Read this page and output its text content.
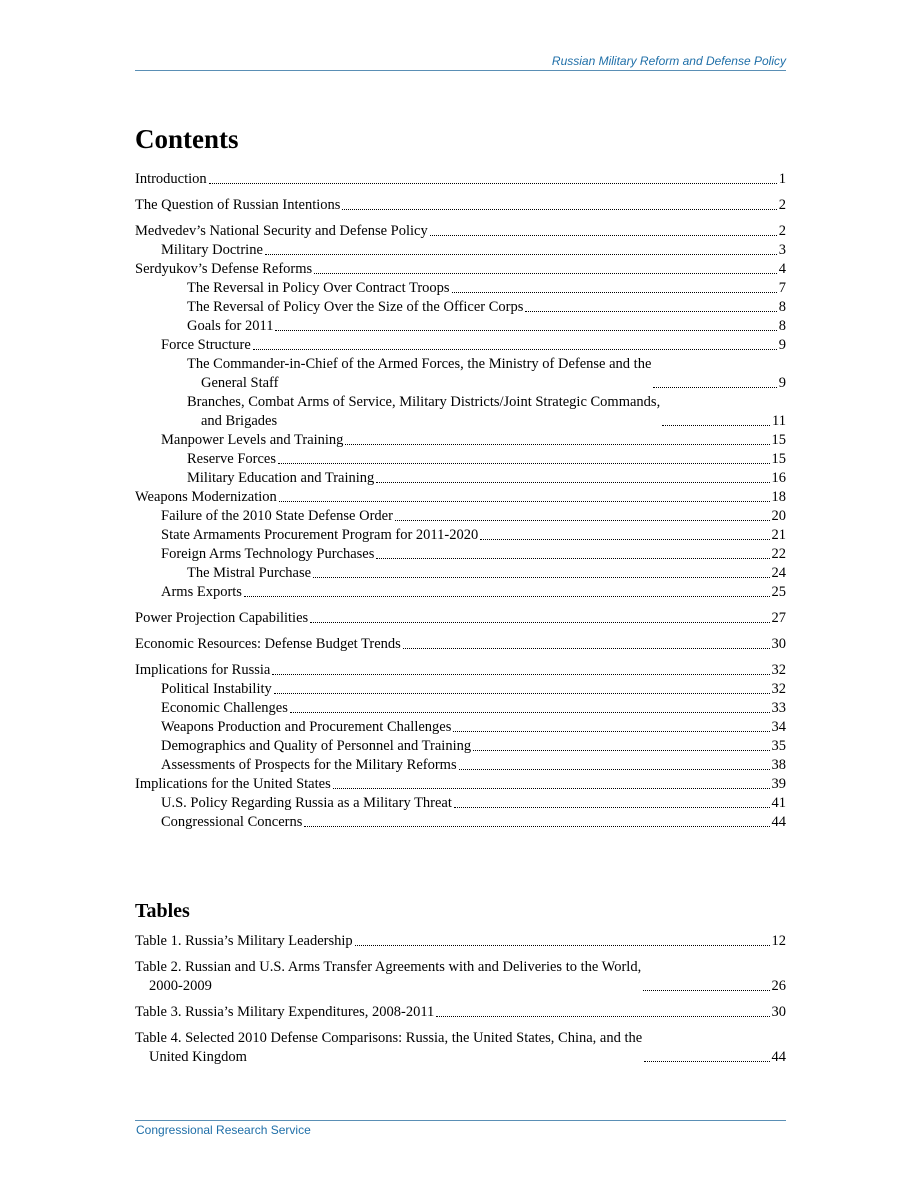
Russian Military Reform and Defense Policy
Contents
Introduction	1
The Question of Russian Intentions	2
Medvedev’s National Security and Defense Policy	2
Military Doctrine	3
Serdyukov’s Defense Reforms	4
The Reversal in Policy Over Contract Troops	7
The Reversal of Policy Over the Size of the Officer Corps	8
Goals for 2011	8
Force Structure	9
The Commander-in-Chief of the Armed Forces, the Ministry of Defense and the
General Staff	9
Branches, Combat Arms of Service, Military Districts/Joint Strategic Commands,
and Brigades	11
Manpower Levels and Training	15
Reserve Forces	15
Military Education and Training	16
Weapons Modernization	18
Failure of the 2010 State Defense Order	20
State Armaments Procurement Program for 2011-2020	21
Foreign Arms Technology Purchases	22
The Mistral Purchase	24
Arms Exports	25
Power Projection Capabilities	27
Economic Resources: Defense Budget Trends	30
Implications for Russia	32
Political Instability	32
Economic Challenges	33
Weapons Production and Procurement Challenges	34
Demographics and Quality of Personnel and Training	35
Assessments of Prospects for the Military Reforms	38
Implications for the United States	39
U.S. Policy Regarding Russia as a Military Threat	41
Congressional Concerns	44
Tables
Table 1. Russia’s Military Leadership	12
Table 2. Russian and U.S. Arms Transfer Agreements with and Deliveries to the World,
2000-2009	26
Table 3. Russia’s Military Expenditures, 2008-2011	30
Table 4. Selected 2010 Defense Comparisons: Russia, the United States, China, and the
United Kingdom	44
Congressional Research Service
